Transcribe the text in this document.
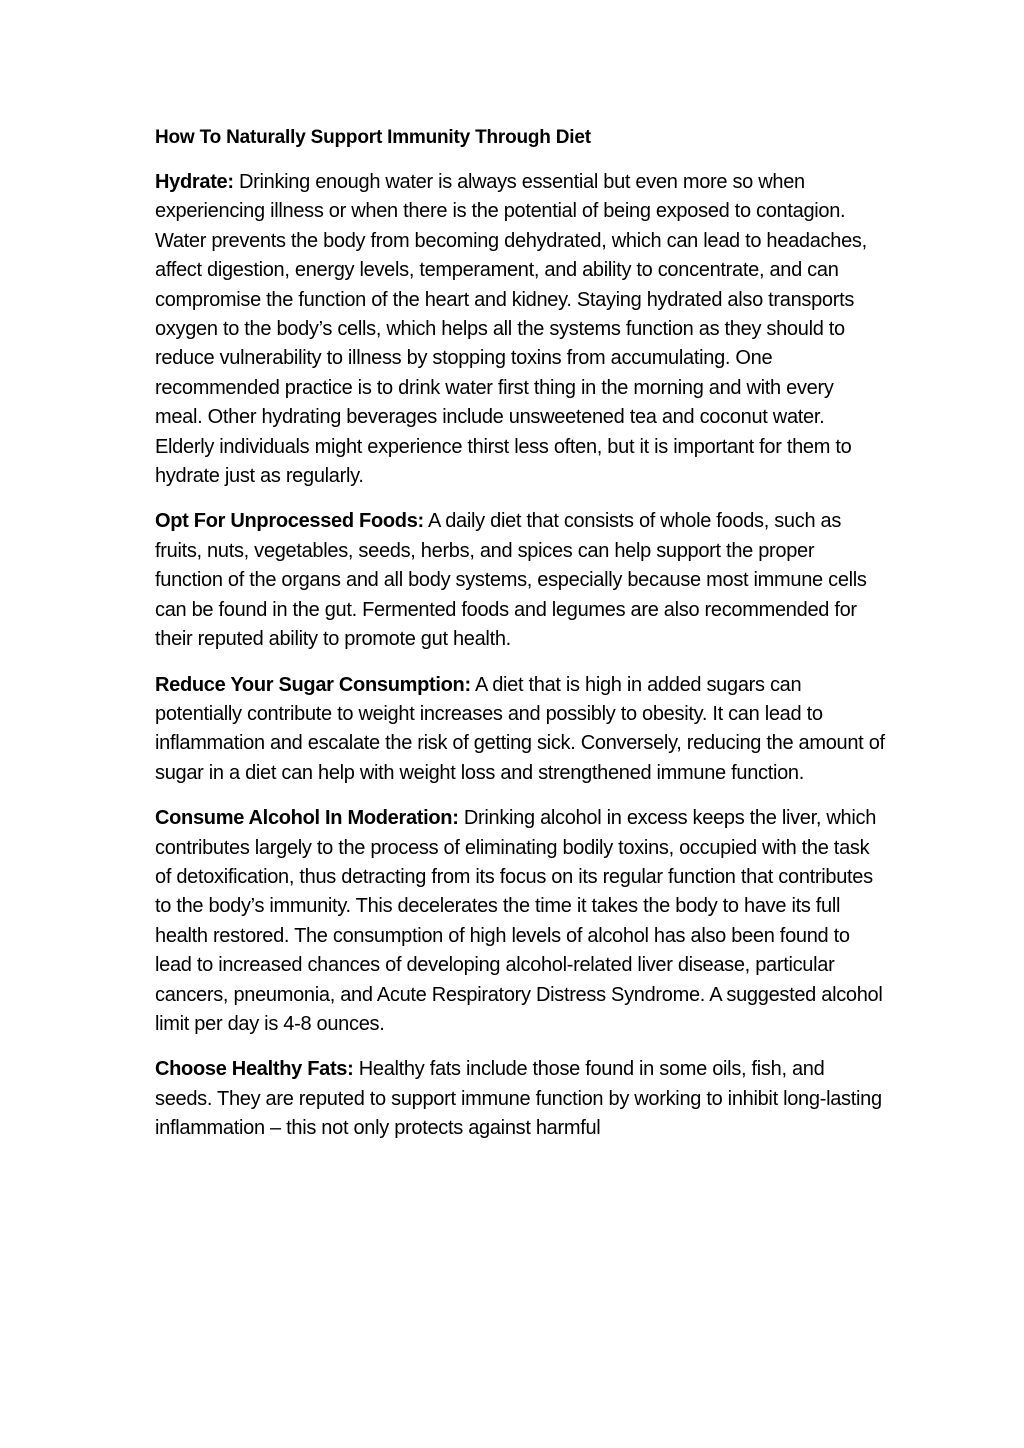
How To Naturally Support Immunity Through Diet

Hydrate: Drinking enough water is always essential but even more so when experiencing illness or when there is the potential of being exposed to contagion. Water prevents the body from becoming dehydrated, which can lead to headaches, affect digestion, energy levels, temperament, and ability to concentrate, and can compromise the function of the heart and kidney. Staying hydrated also transports oxygen to the body’s cells, which helps all the systems function as they should to reduce vulnerability to illness by stopping toxins from accumulating. One recommended practice is to drink water first thing in the morning and with every meal. Other hydrating beverages include unsweetened tea and coconut water. Elderly individuals might experience thirst less often, but it is important for them to hydrate just as regularly.

Opt For Unprocessed Foods: A daily diet that consists of whole foods, such as fruits, nuts, vegetables, seeds, herbs, and spices can help support the proper function of the organs and all body systems, especially because most immune cells can be found in the gut. Fermented foods and legumes are also recommended for their reputed ability to promote gut health.

Reduce Your Sugar Consumption: A diet that is high in added sugars can potentially contribute to weight increases and possibly to obesity. It can lead to inflammation and escalate the risk of getting sick. Conversely, reducing the amount of sugar in a diet can help with weight loss and strengthened immune function.

Consume Alcohol In Moderation: Drinking alcohol in excess keeps the liver, which contributes largely to the process of eliminating bodily toxins, occupied with the task of detoxification, thus detracting from its focus on its regular function that contributes to the body’s immunity. This decelerates the time it takes the body to have its full health restored. The consumption of high levels of alcohol has also been found to lead to increased chances of developing alcohol-related liver disease, particular cancers, pneumonia, and Acute Respiratory Distress Syndrome. A suggested alcohol limit per day is 4-8 ounces.

Choose Healthy Fats: Healthy fats include those found in some oils, fish, and seeds. They are reputed to support immune function by working to inhibit long-lasting inflammation – this not only protects against harmful
